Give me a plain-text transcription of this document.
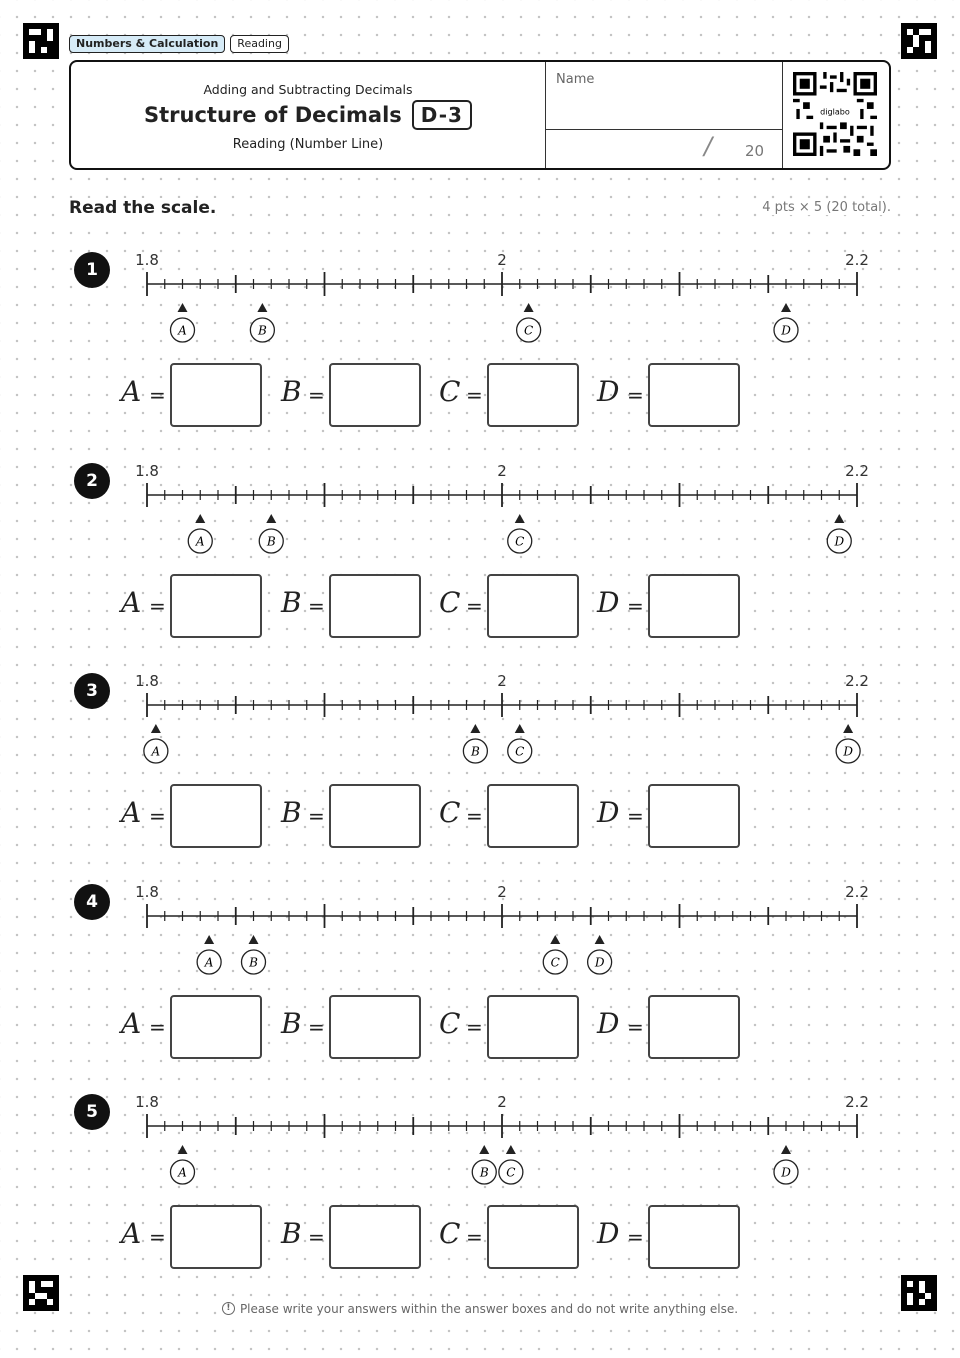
Numbers & Calculation	Reading
Adding and Subtracting Decimals
Structure of Decimals D-3
Reading (Number Line)
Name
/ 20
diglabo
Read the scale.	4 pts × 5 (20 total).
1	1.8	2	2.2
A	B	C	D
A =	B =	C =	D =
2	1.8	2	2.2
A	B	C	D
A =	B =	C =	D =
3	1.8	2	2.2
A	B	C	D
A =	B =	C =	D =
4	1.8	2	2.2
A	B	C	D
A =	B =	C =	D =
5	1.8	2	2.2
A	B C	D
A =	B =	C =	D =
! Please write your answers within the answer boxes and do not write anything else.
